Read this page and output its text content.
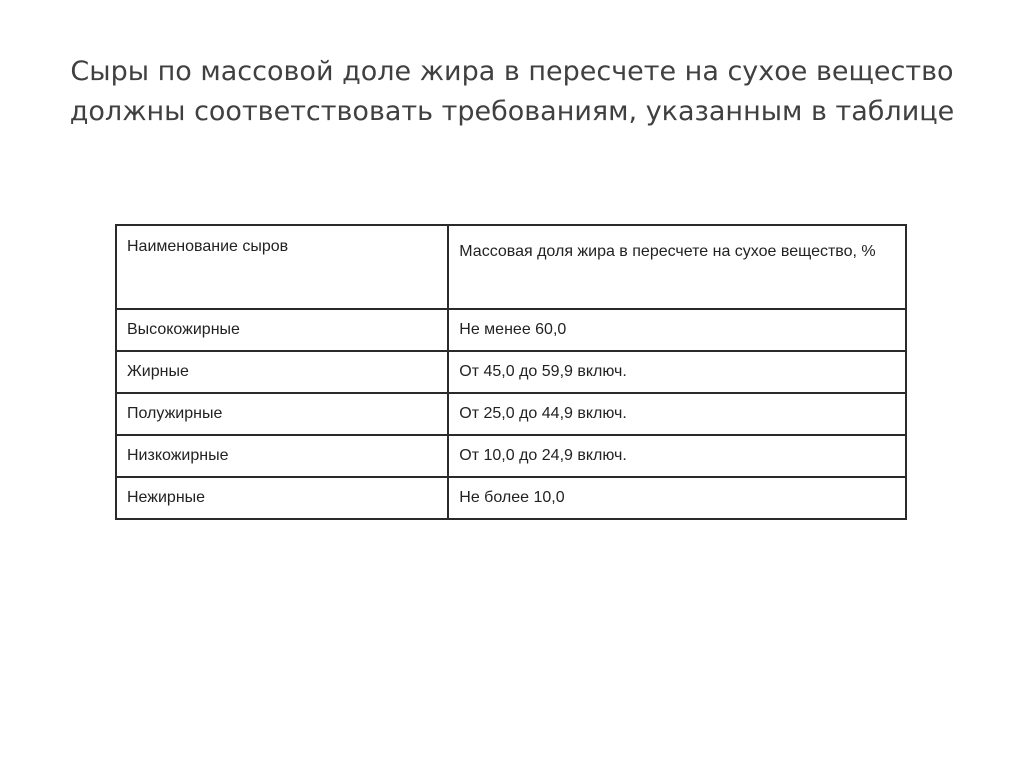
Сыры по массовой доле жира в пересчете на сухое вещество
должны соответствовать требованиям, указанным в таблице
Наименование сыров	Массовая доля жира в пересчете на сухое вещество, %
Высокожирные	Не менее 60,0
Жирные	От 45,0 до 59,9 включ.
Полужирные	От 25,0 до 44,9 включ.
Низкожирные	От 10,0 до 24,9 включ.
Нежирные	Не более 10,0
